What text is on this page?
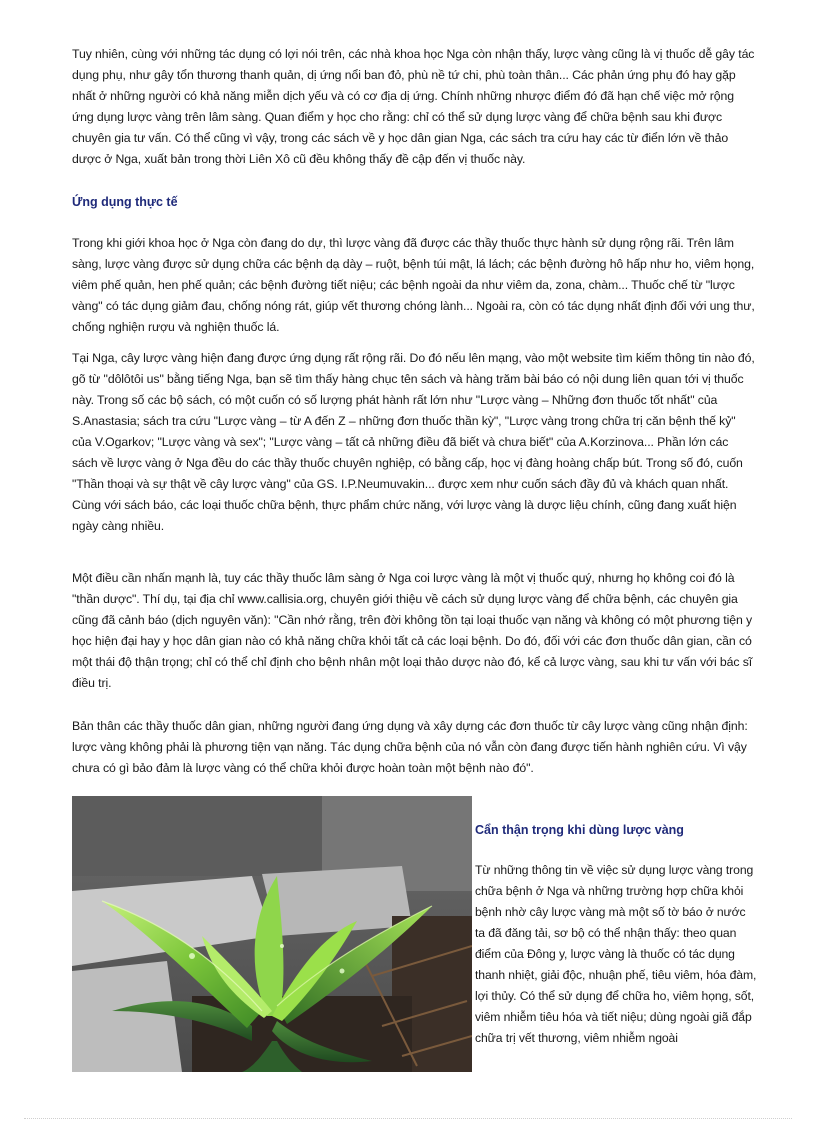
Tuy nhiên, cùng với những tác dụng có lợi nói trên, các nhà khoa học Nga còn nhận thấy, lược vàng cũng là vị thuốc dễ gây tác dụng phụ, như gây tổn thương thanh quản, dị ứng nổi ban đỏ, phù nề tứ chi, phù toàn thân... Các phản ứng phụ đó hay gặp nhất ở những người có khả năng miễn dịch yếu và có cơ địa dị ứng. Chính những nhược điểm đó đã hạn chế việc mở rộng ứng dụng lược vàng trên lâm sàng. Quan điểm y học cho rằng: chỉ có thể sử dụng lược vàng để chữa bệnh sau khi được chuyên gia tư vấn. Có thể cũng vì vậy, trong các sách về y học dân gian Nga, các sách tra cứu hay các từ điển lớn về thảo dược ở Nga, xuất bản trong thời Liên Xô cũ đều không thấy đề cập đến vị thuốc này.

Ứng dụng thực tế

Trong khi giới khoa học ở Nga còn đang do dự, thì lược vàng đã được các thầy thuốc thực hành sử dụng rộng rãi. Trên lâm sàng, lược vàng được sử dụng chữa các bệnh dạ dày – ruột, bệnh túi mật, lá lách; các bệnh đường hô hấp như ho, viêm họng, viêm phế quản, hen phế quản; các bệnh đường tiết niệu; các bệnh ngoài da như viêm da, zona, chàm... Thuốc chế từ "lược vàng" có tác dụng giảm đau, chống nóng rát, giúp vết thương chóng lành... Ngoài ra, còn có tác dụng nhất định đối với ung thư, chống nghiện rượu và nghiện thuốc lá.

Tại Nga, cây lược vàng hiện đang được ứng dụng rất rộng rãi. Do đó nếu lên mạng, vào một website tìm kiếm thông tin nào đó, gõ từ "dôlôtôi us" bằng tiếng Nga, bạn sẽ tìm thấy hàng chục tên sách và hàng trăm bài báo có nội dung liên quan tới vị thuốc này. Trong số các bộ sách, có một cuốn có số lượng phát hành rất lớn như "Lược vàng – Những đơn thuốc tốt nhất" của S.Anastasia; sách tra cứu "Lược vàng – từ A đến Z – những đơn thuốc thần kỳ", "Lược vàng trong chữa trị căn bệnh thế kỷ" của V.Ogarkov; "Lược vàng và sex"; "Lược vàng – tất cả những điều đã biết và chưa biết" của A.Korzinova... Phần lớn các sách về lược vàng ở Nga đều do các thầy thuốc chuyên nghiệp, có bằng cấp, học vị đàng hoàng chấp bút. Trong số đó, cuốn "Thần thoại và sự thật về cây lược vàng" của GS. I.P.Neumuvakin... được xem như cuốn sách đầy đủ và khách quan nhất. Cùng với sách báo, các loại thuốc chữa bệnh, thực phẩm chức năng, với lược vàng là dược liệu chính, cũng đang xuất hiện ngày càng nhiều.

Một điều cần nhấn mạnh là, tuy các thầy thuốc lâm sàng ở Nga coi lược vàng là một vị thuốc quý, nhưng họ không coi đó là "thần dược". Thí dụ, tại địa chỉ www.callisia.org, chuyên giới thiệu về cách sử dụng lược vàng để chữa bệnh, các chuyên gia cũng đã cảnh báo (dịch nguyên văn): "Cần nhớ rằng, trên đời không tồn tại loại thuốc vạn năng và không có một phương tiện y học hiện đại hay y học dân gian nào có khả năng chữa khỏi tất cả các loại bệnh. Do đó, đối với các đơn thuốc dân gian, cần có một thái độ thận trọng; chỉ có thể chỉ định cho bệnh nhân một loại thảo dược nào đó, kể cả lược vàng, sau khi tư vấn với bác sĩ điều trị.

Bản thân các thầy thuốc dân gian, những người đang ứng dụng và xây dựng các đơn thuốc từ cây lược vàng cũng nhận định: lược vàng không phải là phương tiện vạn năng. Tác dụng chữa bệnh của nó vẫn còn đang được tiến hành nghiên cứu. Vì vậy chưa có gì bảo đảm là lược vàng có thể chữa khỏi được hoàn toàn một bệnh nào đó".

Cẩn thận trọng khi dùng lược vàng

Từ những thông tin về việc sử dụng lược vàng trong chữa bệnh ở Nga và những trường hợp chữa khỏi bệnh nhờ cây lược vàng mà một số tờ báo ở nước ta đã đăng tải, sơ bộ có thể nhận thấy: theo quan điểm của Đông y, lược vàng là thuốc có tác dụng thanh nhiệt, giải độc, nhuận phế, tiêu viêm, hóa đàm, lợi thủy. Có thể sử dụng để chữa ho, viêm họng, sốt, viêm nhiễm tiêu hóa và tiết niệu; dùng ngoài giã đắp chữa trị vết thương, viêm nhiễm ngoài
